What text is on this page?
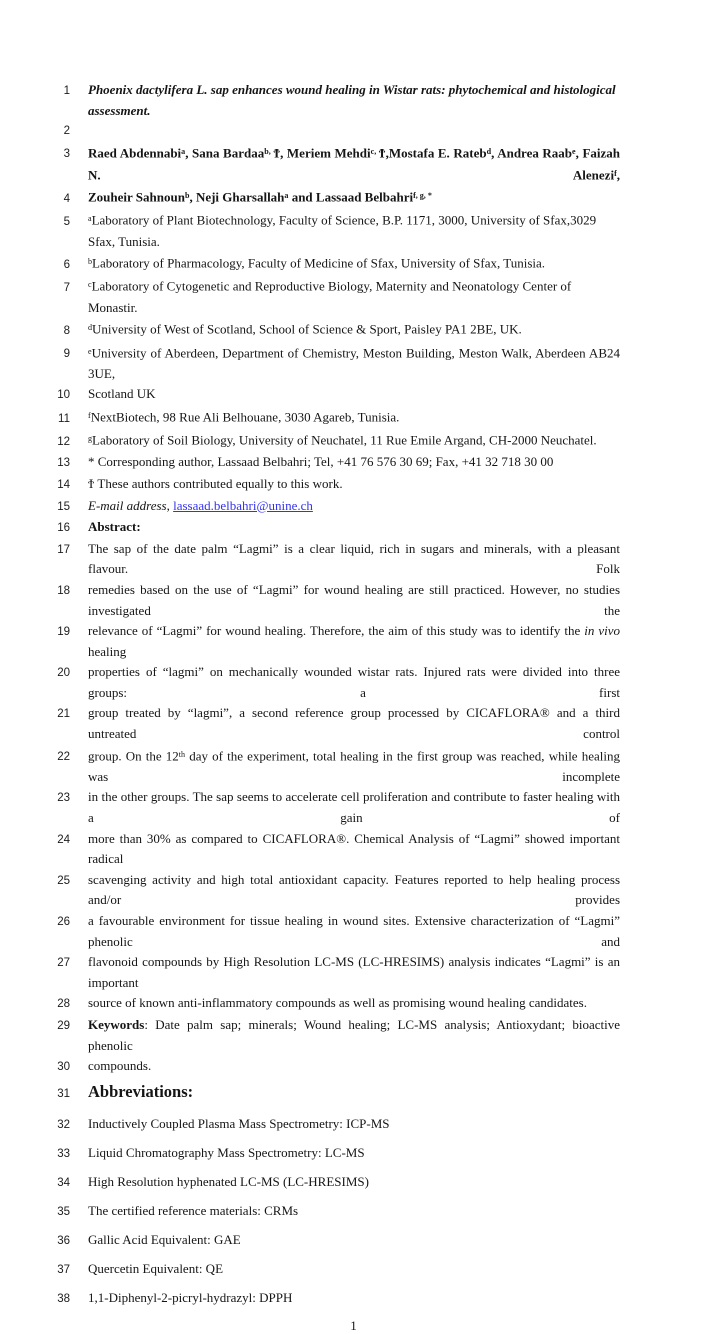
1 Phoenix dactylifera L. sap enhances wound healing in Wistar rats: phytochemical and histological assessment.
2
3 Raed Abdennabi$^a$, Sana Bardaa$^{b,}$ Ϯ, Meriem Mehdi$^{c,}$ Ϯ,Mostafa E. Rateb$^d$, Andrea Raab$^e$, Faizah N. Alenezi$^f$,
4 Zouheir Sahnoun$^b$, Neji Gharsallah$^a$ and Lassaad Belbahri$^{f, g, *}$
5 $^a$Laboratory of Plant Biotechnology, Faculty of Science, B.P. 1171, 3000, University of Sfax,3029 Sfax, Tunisia.
6 $^b$Laboratory of Pharmacology, Faculty of Medicine of Sfax, University of Sfax, Tunisia.
7 $^c$Laboratory of Cytogenetic and Reproductive Biology, Maternity and Neonatology Center of Monastir.
8 $^d$University of West of Scotland, School of Science & Sport, Paisley PA1 2BE, UK.
9 $^e$University of Aberdeen, Department of Chemistry, Meston Building, Meston Walk, Aberdeen AB24 3UE,
10 Scotland UK
11 $^f$NextBiotech, 98 Rue Ali Belhouane, 3030 Agareb, Tunisia.
12 $^g$Laboratory of Soil Biology, University of Neuchatel, 11 Rue Emile Argand, CH-2000 Neuchatel.
13 * Corresponding author, Lassaad Belbahri; Tel, +41 76 576 30 69; Fax, +41 32 718 30 00
14 Ϯ These authors contributed equally to this work.
15 E-mail address, lassaad.belbahri@unine.ch
16 Abstract:
17 The sap of the date palm “Lagmi” is a clear liquid, rich in sugars and minerals, with a pleasant flavour. Folk
18 remedies based on the use of “Lagmi” for wound healing are still practiced. However, no studies investigated the
19 relevance of “Lagmi” for wound healing. Therefore, the aim of this study was to identify the in vivo healing
20 properties of “lagmi” on mechanically wounded wistar rats. Injured rats were divided into three groups: a first
21 group treated by “lagmi”, a second reference group processed by CICAFLORA® and a third untreated control
22 group. On the 12th day of the experiment, total healing in the first group was reached, while healing was incomplete
23 in the other groups. The sap seems to accelerate cell proliferation and contribute to faster healing with a gain of
24 more than 30% as compared to CICAFLORA®. Chemical Analysis of “Lagmi” showed important radical
25 scavenging activity and high total antioxidant capacity. Features reported to help healing process and/or provides
26 a favourable environment for tissue healing in wound sites. Extensive characterization of “Lagmi” phenolic and
27 flavonoid compounds by High Resolution LC-MS (LC-HRESIMS) analysis indicates “Lagmi” is an important
28 source of known anti-inflammatory compounds as well as promising wound healing candidates.
29 Keywords: Date palm sap; minerals; Wound healing; LC-MS analysis; Antioxydant; bioactive phenolic
30 compounds.
31 Abbreviations:
32 Inductively Coupled Plasma Mass Spectrometry: ICP-MS
33 Liquid Chromatography Mass Spectrometry: LC-MS
34 High Resolution hyphenated LC-MS (LC-HRESIMS)
35 The certified reference materials: CRMs
36 Gallic Acid Equivalent: GAE
37 Quercetin Equivalent: QE
38 1,1-Diphenyl-2-picryl-hydrazyl: DPPH
1
